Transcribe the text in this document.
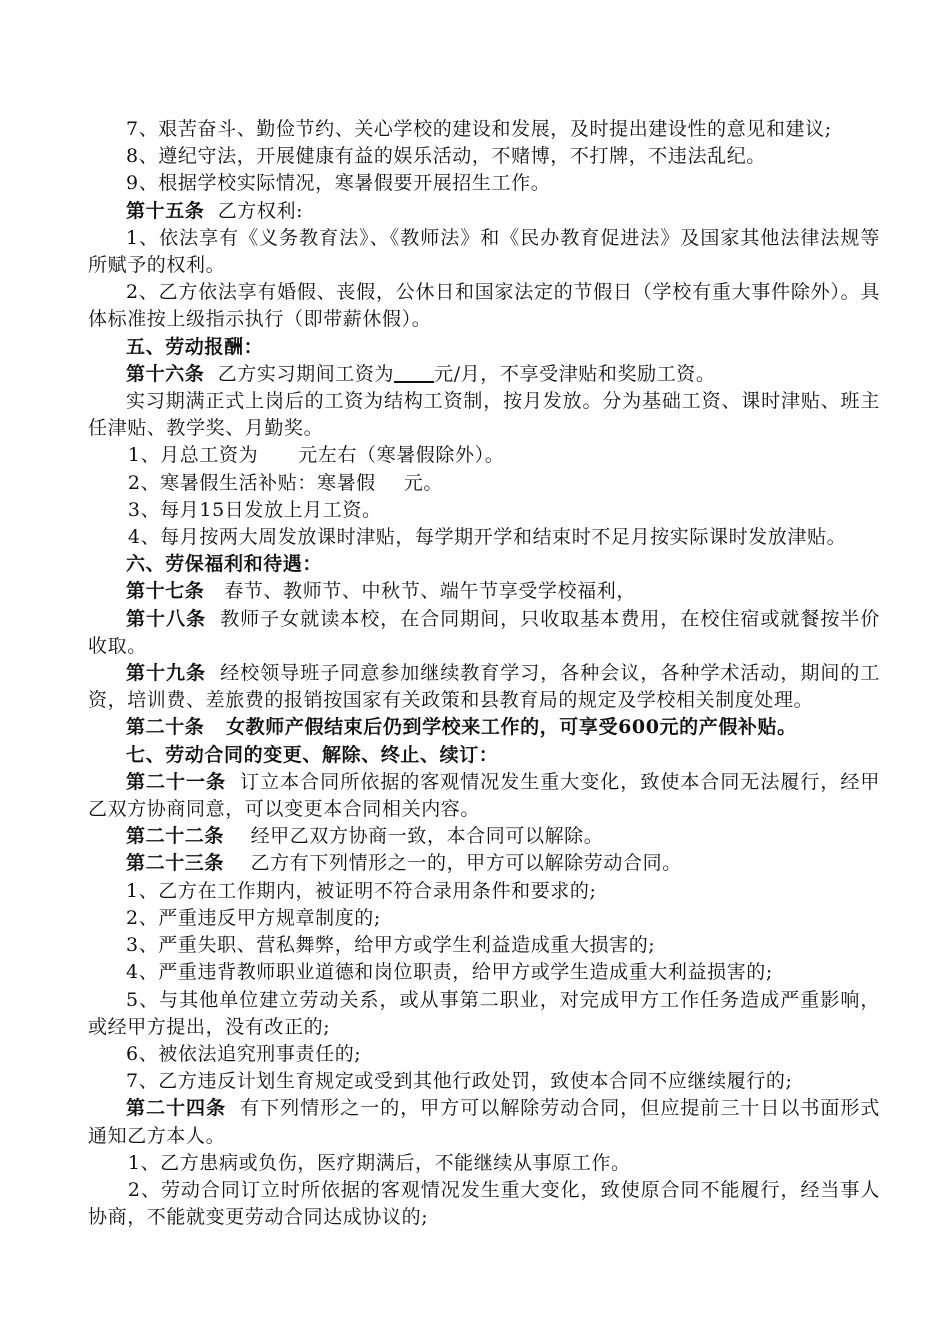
7、艰苦奋斗、勤俭节约、关心学校的建设和发展，及时提出建设性的意见和建议;

8、遵纪守法，开展健康有益的娱乐活动，不赌博，不打牌，不违法乱纪。

9、根据学校实际情况，寒暑假要开展招生工作。

第十五条 乙方权利:

1、依法享有《义务教育法》、《教师法》和《民办教育促进法》及国家其他法律法规等所赋予的权利。

2、乙方依法享有婚假、丧假，公休日和国家法定的节假日（学校有重大事件除外）。具体标准按上级指示执行（即带薪休假）。

五、劳动报酬：

第十六条 乙方实习期间工资为 元/月，不享受津贴和奖励工资。

实习期满正式上岗后的工资为结构工资制，按月发放。分为基础工资、课时津贴、班主任津贴、教学奖、月勤奖。

1、月总工资为 元左右（寒暑假除外）。

2、寒暑假生活补贴：寒暑假 元。

3、每月15日发放上月工资。

4、每月按两大周发放课时津贴，每学期开学和结束时不足月按实际课时发放津贴。

六、劳保福利和待遇：

第十七条 春节、教师节、中秋节、端午节享受学校福利，

第十八条 教师子女就读本校，在合同期间，只收取基本费用，在校住宿或就餐按半价收取。

第十九条 经校领导班子同意参加继续教育学习，各种会议，各种学术活动，期间的工资，培训费、差旅费的报销按国家有关政策和县教育局的规定及学校相关制度处理。

第二十条 女教师产假结束后仍到学校来工作的，可享受600元的产假补贴。

七、劳动合同的变更、解除、终止、续订：

第二十一条 订立本合同所依据的客观情况发生重大变化，致使本合同无法履行，经甲乙双方协商同意，可以变更本合同相关内容。

第二十二条 经甲乙双方协商一致，本合同可以解除。

第二十三条 乙方有下列情形之一的，甲方可以解除劳动合同。

1、乙方在工作期内，被证明不符合录用条件和要求的;

2、严重违反甲方规章制度的;

3、严重失职、营私舞弊，给甲方或学生利益造成重大损害的;

4、严重违背教师职业道德和岗位职责，给甲方或学生造成重大利益损害的;

5、与其他单位建立劳动关系，或从事第二职业，对完成甲方工作任务造成严重影响，或经甲方提出，没有改正的;

6、被依法追究刑事责任的;

7、乙方违反计划生育规定或受到其他行政处罚，致使本合同不应继续履行的;

第二十四条 有下列情形之一的，甲方可以解除劳动合同，但应提前三十日以书面形式通知乙方本人。

1、乙方患病或负伤，医疗期满后，不能继续从事原工作。

2、劳动合同订立时所依据的客观情况发生重大变化，致使原合同不能履行，经当事人协商，不能就变更劳动合同达成协议的;
